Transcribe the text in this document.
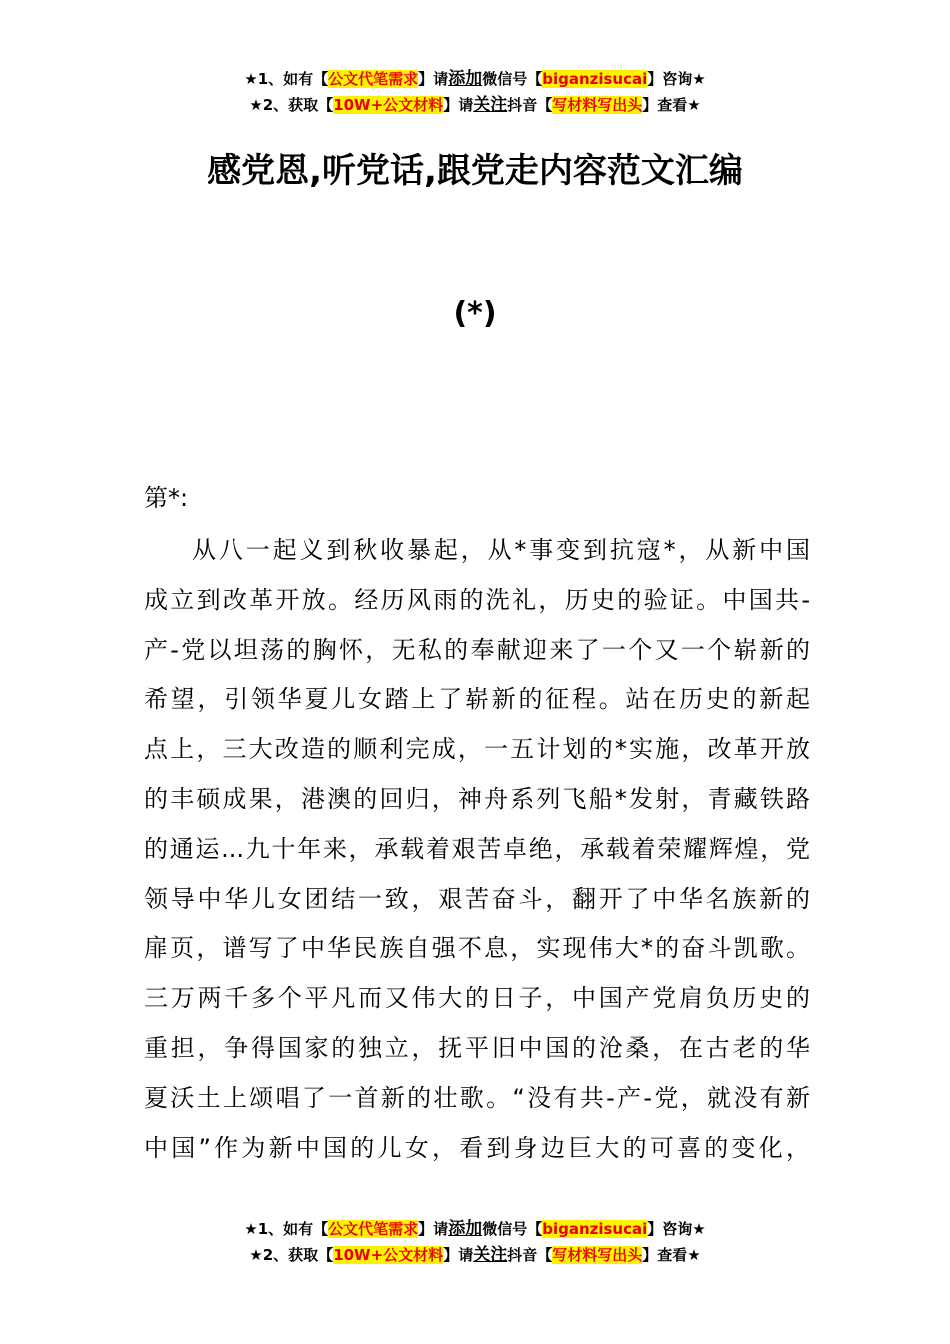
★1、如有【公文代笔需求】请添加微信号【biganzisucai】咨询★
★2、获取【10W+公文材料】请关注抖音【写材料写出头】查看★
感党恩,听党话,跟党走内容范文汇编
(*)
第*:
从八一起义到秋收暴起，从*事变到抗寇*，从新中国
成立到改革开放。经历风雨的洗礼，历史的验证。中国共-
产-党以坦荡的胸怀，无私的奉献迎来了一个又一个崭新的
希望，引领华夏儿女踏上了崭新的征程。站在历史的新起
点上，三大改造的顺利完成，一五计划的*实施，改革开放
的丰硕成果，港澳的回归，神舟系列飞船*发射，青藏铁路
的通运...九十年来，承载着艰苦卓绝，承载着荣耀辉煌，党
领导中华儿女团结一致，艰苦奋斗，翻开了中华名族新的
扉页，谱写了中华民族自强不息，实现伟大*的奋斗凯歌。
三万两千多个平凡而又伟大的日子，中国产党肩负历史的
重担，争得国家的独立，抚平旧中国的沧桑，在古老的华
夏沃土上颂唱了一首新的壮歌。“没有共-产-党，就没有新
中国”作为新中国的儿女，看到身边巨大的可喜的变化，
★1、如有【公文代笔需求】请添加微信号【biganzisucai】咨询★
★2、获取【10W+公文材料】请关注抖音【写材料写出头】查看★
